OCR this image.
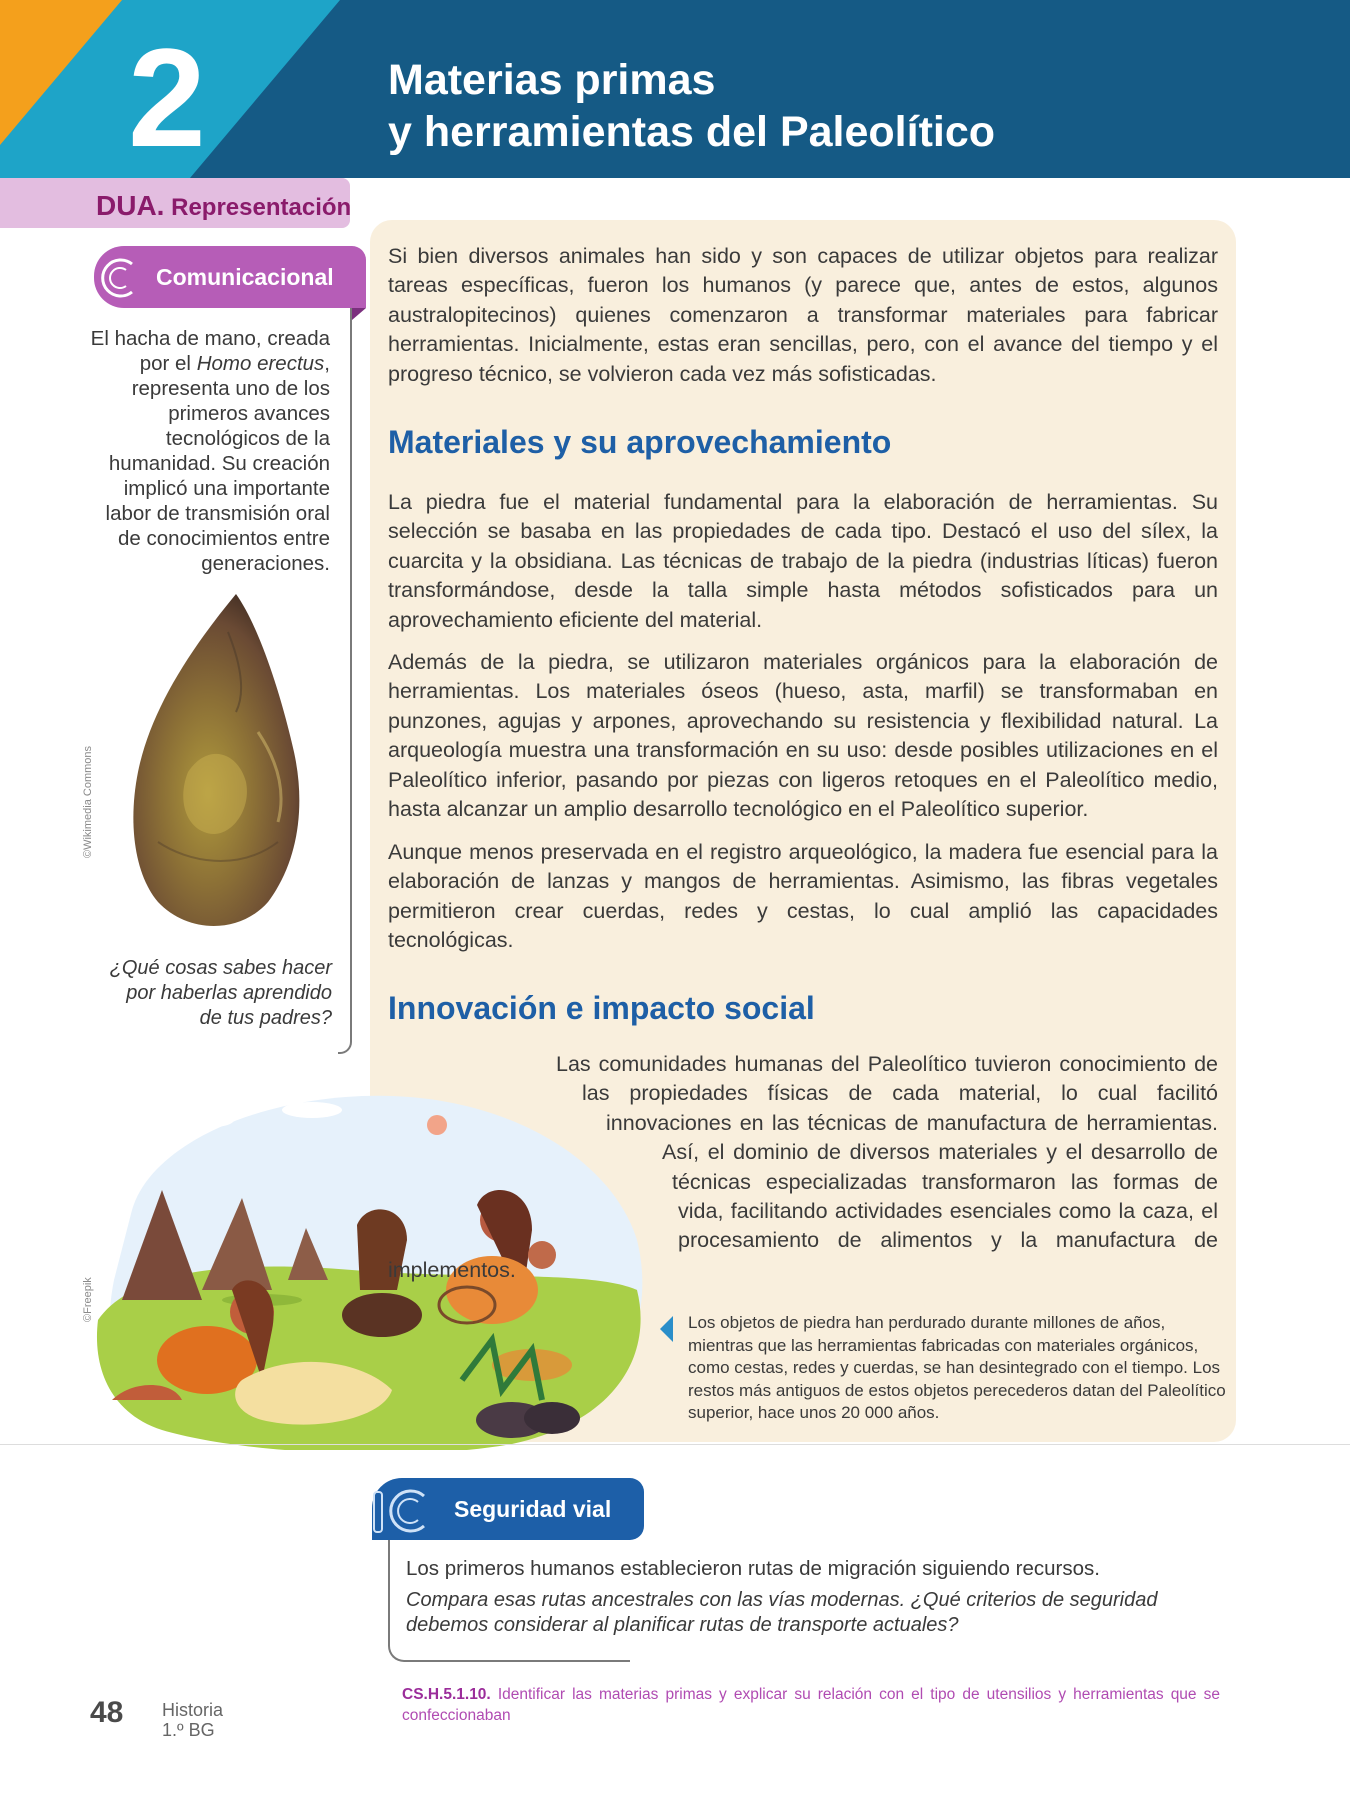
2	Materias primas
y herramientas del Paleolítico
DUA. Representación
Comunicacional
El hacha de mano, creada por el Homo erectus, representa uno de los primeros avances tecnológicos de la humanidad. Su creación implicó una importante labor de transmisión oral de conocimientos entre generaciones.
©Wikimedia Commons
¿Qué cosas sabes hacer
por haberlas aprendido
de tus padres?
Si bien diversos animales han sido y son capaces de utilizar objetos para realizar tareas específicas, fueron los humanos (y parece que, antes de estos, algunos australopitecinos) quienes comenzaron a transformar materiales para fabricar herramientas. Inicialmente, estas eran sencillas, pero, con el avance del tiempo y el progreso técnico, se volvieron cada vez más sofisticadas.
Materiales y su aprovechamiento
La piedra fue el material fundamental para la elaboración de herramientas. Su selección se basaba en las propiedades de cada tipo. Destacó el uso del sílex, la cuarcita y la obsidiana. Las técnicas de trabajo de la piedra (industrias líticas) fueron transformándose, desde la talla simple hasta métodos sofisticados para un aprovechamiento eficiente del material.
Además de la piedra, se utilizaron materiales orgánicos para la elaboración de herramientas. Los materiales óseos (hueso, asta, marfil) se transformaban en punzones, agujas y arpones, aprovechando su resistencia y flexibilidad natural. La arqueología muestra una transformación en su uso: desde posibles utilizaciones en el Paleolítico inferior, pasando por piezas con ligeros retoques en el Paleolítico medio, hasta alcanzar un amplio desarrollo tecnológico en el Paleolítico superior.
Aunque menos preservada en el registro arqueológico, la madera fue esencial para la elaboración de lanzas y mangos de herramientas. Asimismo, las fibras vegetales permitieron crear cuerdas, redes y cestas, lo cual amplió las capacidades tecnológicas.
Innovación e impacto social
©Freepik
Las comunidades humanas del Paleolítico tuvieron conocimiento de las propiedades físicas de cada material, lo cual facilitó innovaciones en las técnicas de manufactura de herramientas. Así, el dominio de diversos materiales y el desarrollo de técnicas especializadas transformaron las formas de vida, facilitando actividades esenciales como la caza, el procesamiento de alimentos y la manufactura de implementos.
Los objetos de piedra han perdurado durante millones de años, mientras que las herramientas fabricadas con materiales orgánicos, como cestas, redes y cuerdas, se han desintegrado con el tiempo. Los restos más antiguos de estos objetos perecederos datan del Paleolítico superior, hace unos 20 000 años.
Seguridad vial
Los primeros humanos establecieron rutas de migración siguiendo recursos.
Compara esas rutas ancestrales con las vías modernas. ¿Qué criterios de seguridad debemos considerar al planificar rutas de transporte actuales?
48 Historia
1.º BG
CS.H.5.1.10. Identificar las materias primas y explicar su relación con el tipo de utensilios y herramientas que se confeccionaban
